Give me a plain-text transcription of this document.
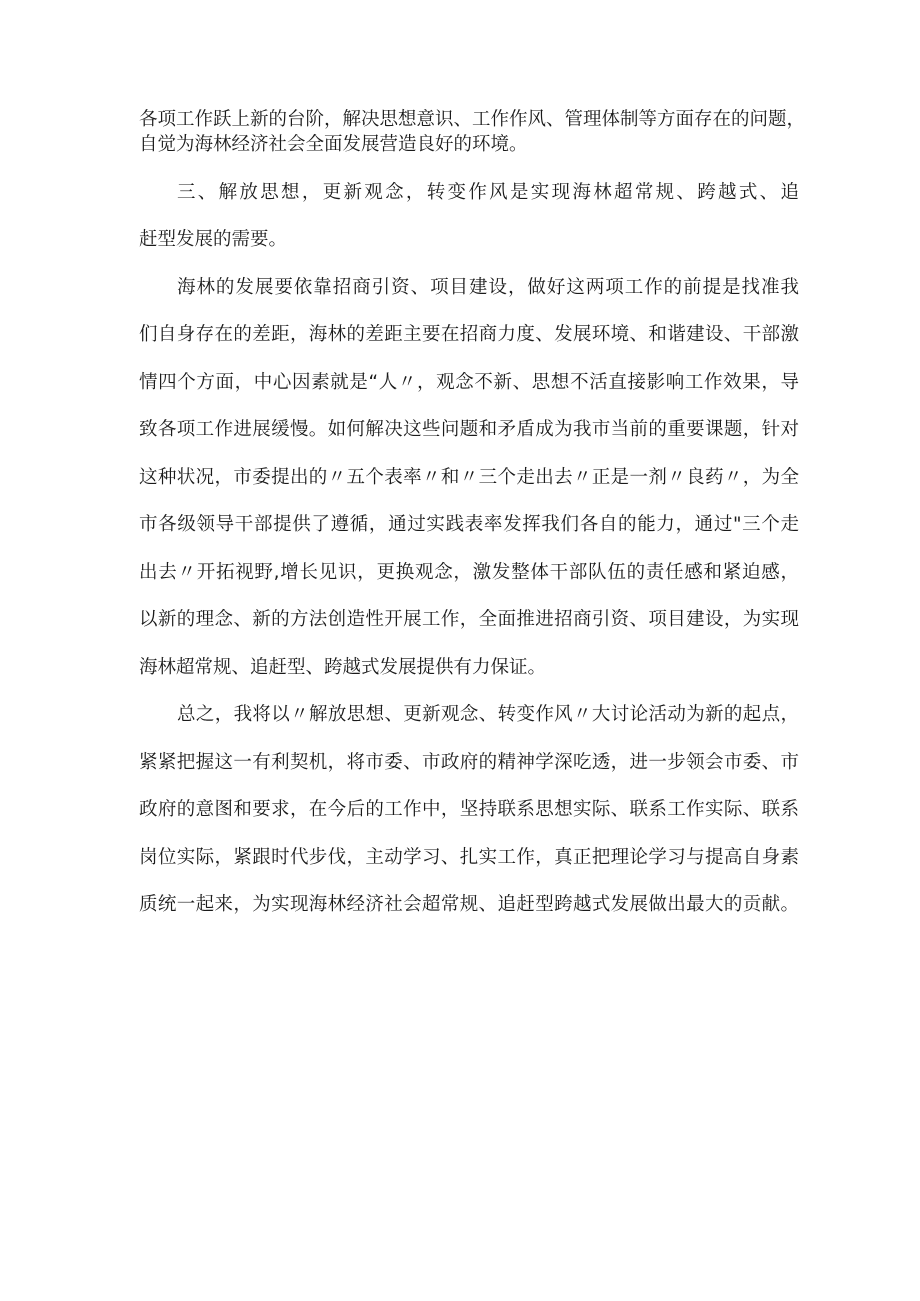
各项工作跃上新的台阶，解决思想意识、工作作风、管理体制等方面存在的问题，
自觉为海林经济社会全面发展营造良好的环境。
三、解放思想，更新观念，转变作风是实现海林超常规、跨越式、追
赶型发展的需要。
海林的发展要依靠招商引资、项目建设，做好这两项工作的前提是找准我
们自身存在的差距，海林的差距主要在招商力度、发展环境、和谐建设、干部激
情四个方面，中心因素就是“人〃，观念不新、思想不活直接影响工作效果，导
致各项工作进展缓慢。如何解决这些问题和矛盾成为我市当前的重要课题，针对
这种状况，市委提出的〃五个表率〃和〃三个走出去〃正是一剂〃良药〃，为全
市各级领导干部提供了遵循，通过实践表率发挥我们各自的能力，通过"三个走
出去〃开拓视野,增长见识，更换观念，激发整体干部队伍的责任感和紧迫感，
以新的理念、新的方法创造性开展工作，全面推进招商引资、项目建设，为实现
海林超常规、追赶型、跨越式发展提供有力保证。
总之，我将以〃解放思想、更新观念、转变作风〃大讨论活动为新的起点，
紧紧把握这一有利契机，将市委、市政府的精神学深吃透，进一步领会市委、市
政府的意图和要求，在今后的工作中，坚持联系思想实际、联系工作实际、联系
岗位实际，紧跟时代步伐，主动学习、扎实工作，真正把理论学习与提高自身素
质统一起来，为实现海林经济社会超常规、追赶型跨越式发展做出最大的贡献。
